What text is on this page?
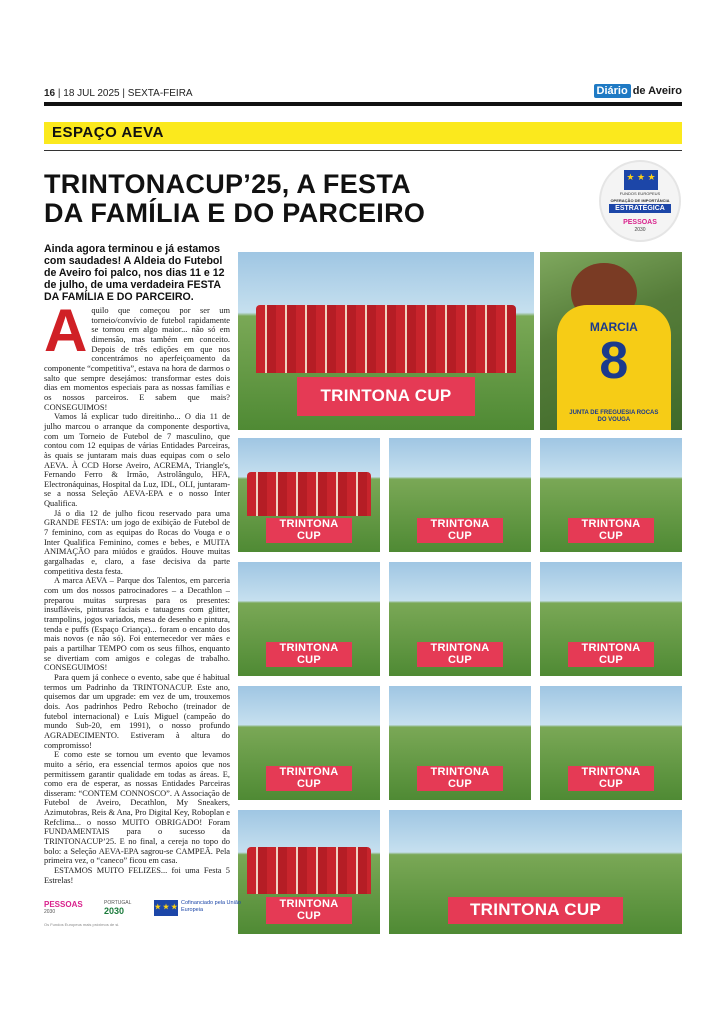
16 | 18 JUL 2025 | SEXTA-FEIRA	Diário de Aveiro
ESPAÇO AEVA
TRINTONACUP’25, A FESTA
DA FAMÍLIA E DO PARCEIRO
★ ★ ★
FUNDOS EUROPEUS
OPERAÇÃO DE IMPORTÂNCIA
ESTRATÉGICA
PESSOAS
2030
Ainda agora terminou e já estamos com saudades! A Aldeia do Futebol de Aveiro foi palco, nos dias 11 e 12 de julho, de uma verdadeira FESTA DA FAMÍLIA E DO PARCEIRO.

Aquilo que começou por ser um torneio/convívio de futebol rapidamente se tornou em algo maior... não só em dimensão, mas também em conceito. Depois de três edições em que nos concentrámos no aperfeiçoamento da componente “competitiva”, estava na hora de darmos o salto que sempre desejámos: transformar estes dois dias em momentos especiais para as nossas famílias e os nossos parceiros. E sabem que mais? CONSEGUIMOS!

Vamos lá explicar tudo direitinho... O dia 11 de julho marcou o arranque da componente desportiva, com um Torneio de Futebol de 7 masculino, que contou com 12 equipas de várias Entidades Parceiras, às quais se juntaram mais duas equipas com o selo AEVA. À CCD Horse Aveiro, ACREMA, Triangle's, Fernando Ferro & Irmão, Astrolângulo, HFA, Electronáquinas, Hospital da Luz, IDL, OLI, juntaram-se a nossa Seleção AEVA-EPA e o nosso Inter Qualifica.

Já o dia 12 de julho ficou reservado para uma GRANDE FESTA: um jogo de exibição de Futebol de 7 feminino, com as equipas do Rocas do Vouga e o Inter Qualifica Feminino, comes e bebes, e MUITA ANIMAÇÃO para miúdos e graúdos. Houve muitas gargalhadas e, claro, a fase decisiva da parte competitiva desta festa.

A marca AEVA – Parque dos Talentos, em parceria com um dos nossos patrocinadores – a Decathlon – preparou muitas surpresas para os presentes: insufláveis, pinturas faciais e tatuagens com glitter, trampolins, jogos variados, mesa de desenho e pintura, tenda e puffs (Espaço Criança)... foram o encanto dos mais novos (e não só). Foi enternecedor ver mães e pais a partilhar TEMPO com os seus filhos, enquanto se divertiam com amigos e colegas de trabalho. CONSEGUIMOS!

Para quem já conhece o evento, sabe que é habitual termos um Padrinho da TRINTONACUP. Este ano, quisemos dar um upgrade: em vez de um, trouxemos dois. Aos padrinhos Pedro Rebocho (treinador de futebol internacional) e Luís Miguel (campeão do mundo Sub-20, em 1991), o nosso profundo AGRADECIMENTO. Estiveram à altura do compromisso!

E como este se tornou um evento que levamos muito a sério, era essencial termos apoios que nos permitissem garantir qualidade em todas as áreas. E, como era de esperar, as nossas Entidades Parceiras disseram: “CONTEM CONNOSCO”. A Associação de Futebol de Aveiro, Decathlon, My Sneakers, Azimutobras, Reis & Ana, Pro Digital Key, Roboplan e Refclima... o nosso MUITO OBRIGADO! Foram FUNDAMENTAIS para o sucesso da TRINTONACUP’25. E no final, a cereja no topo do bolo: a Seleção AEVA-EPA sagrou-se CAMPEÃ. Pela primeira vez, o “caneco” ficou em casa.

ESTAMOS MUITO FELIZES... foi uma Festa 5 Estrelas!

TRINTONA CUP
MARCIA
8
JUNTA DE FREGUESIA ROCAS DO VOUGA
TRINTONA CUP
TRINTONA CUP
TRINTONA CUP
TRINTONA CUP
TRINTONA CUP
TRINTONA CUP
TRINTONA CUP
TRINTONA CUP
TRINTONA CUP
TRINTONA CUP	TRINTONA CUP
PESSOAS
2030
PORTUGAL
2030	★ ★ ★
Cofinanciado pela União Europeia
Os Fundos Europeus mais próximos de si.
